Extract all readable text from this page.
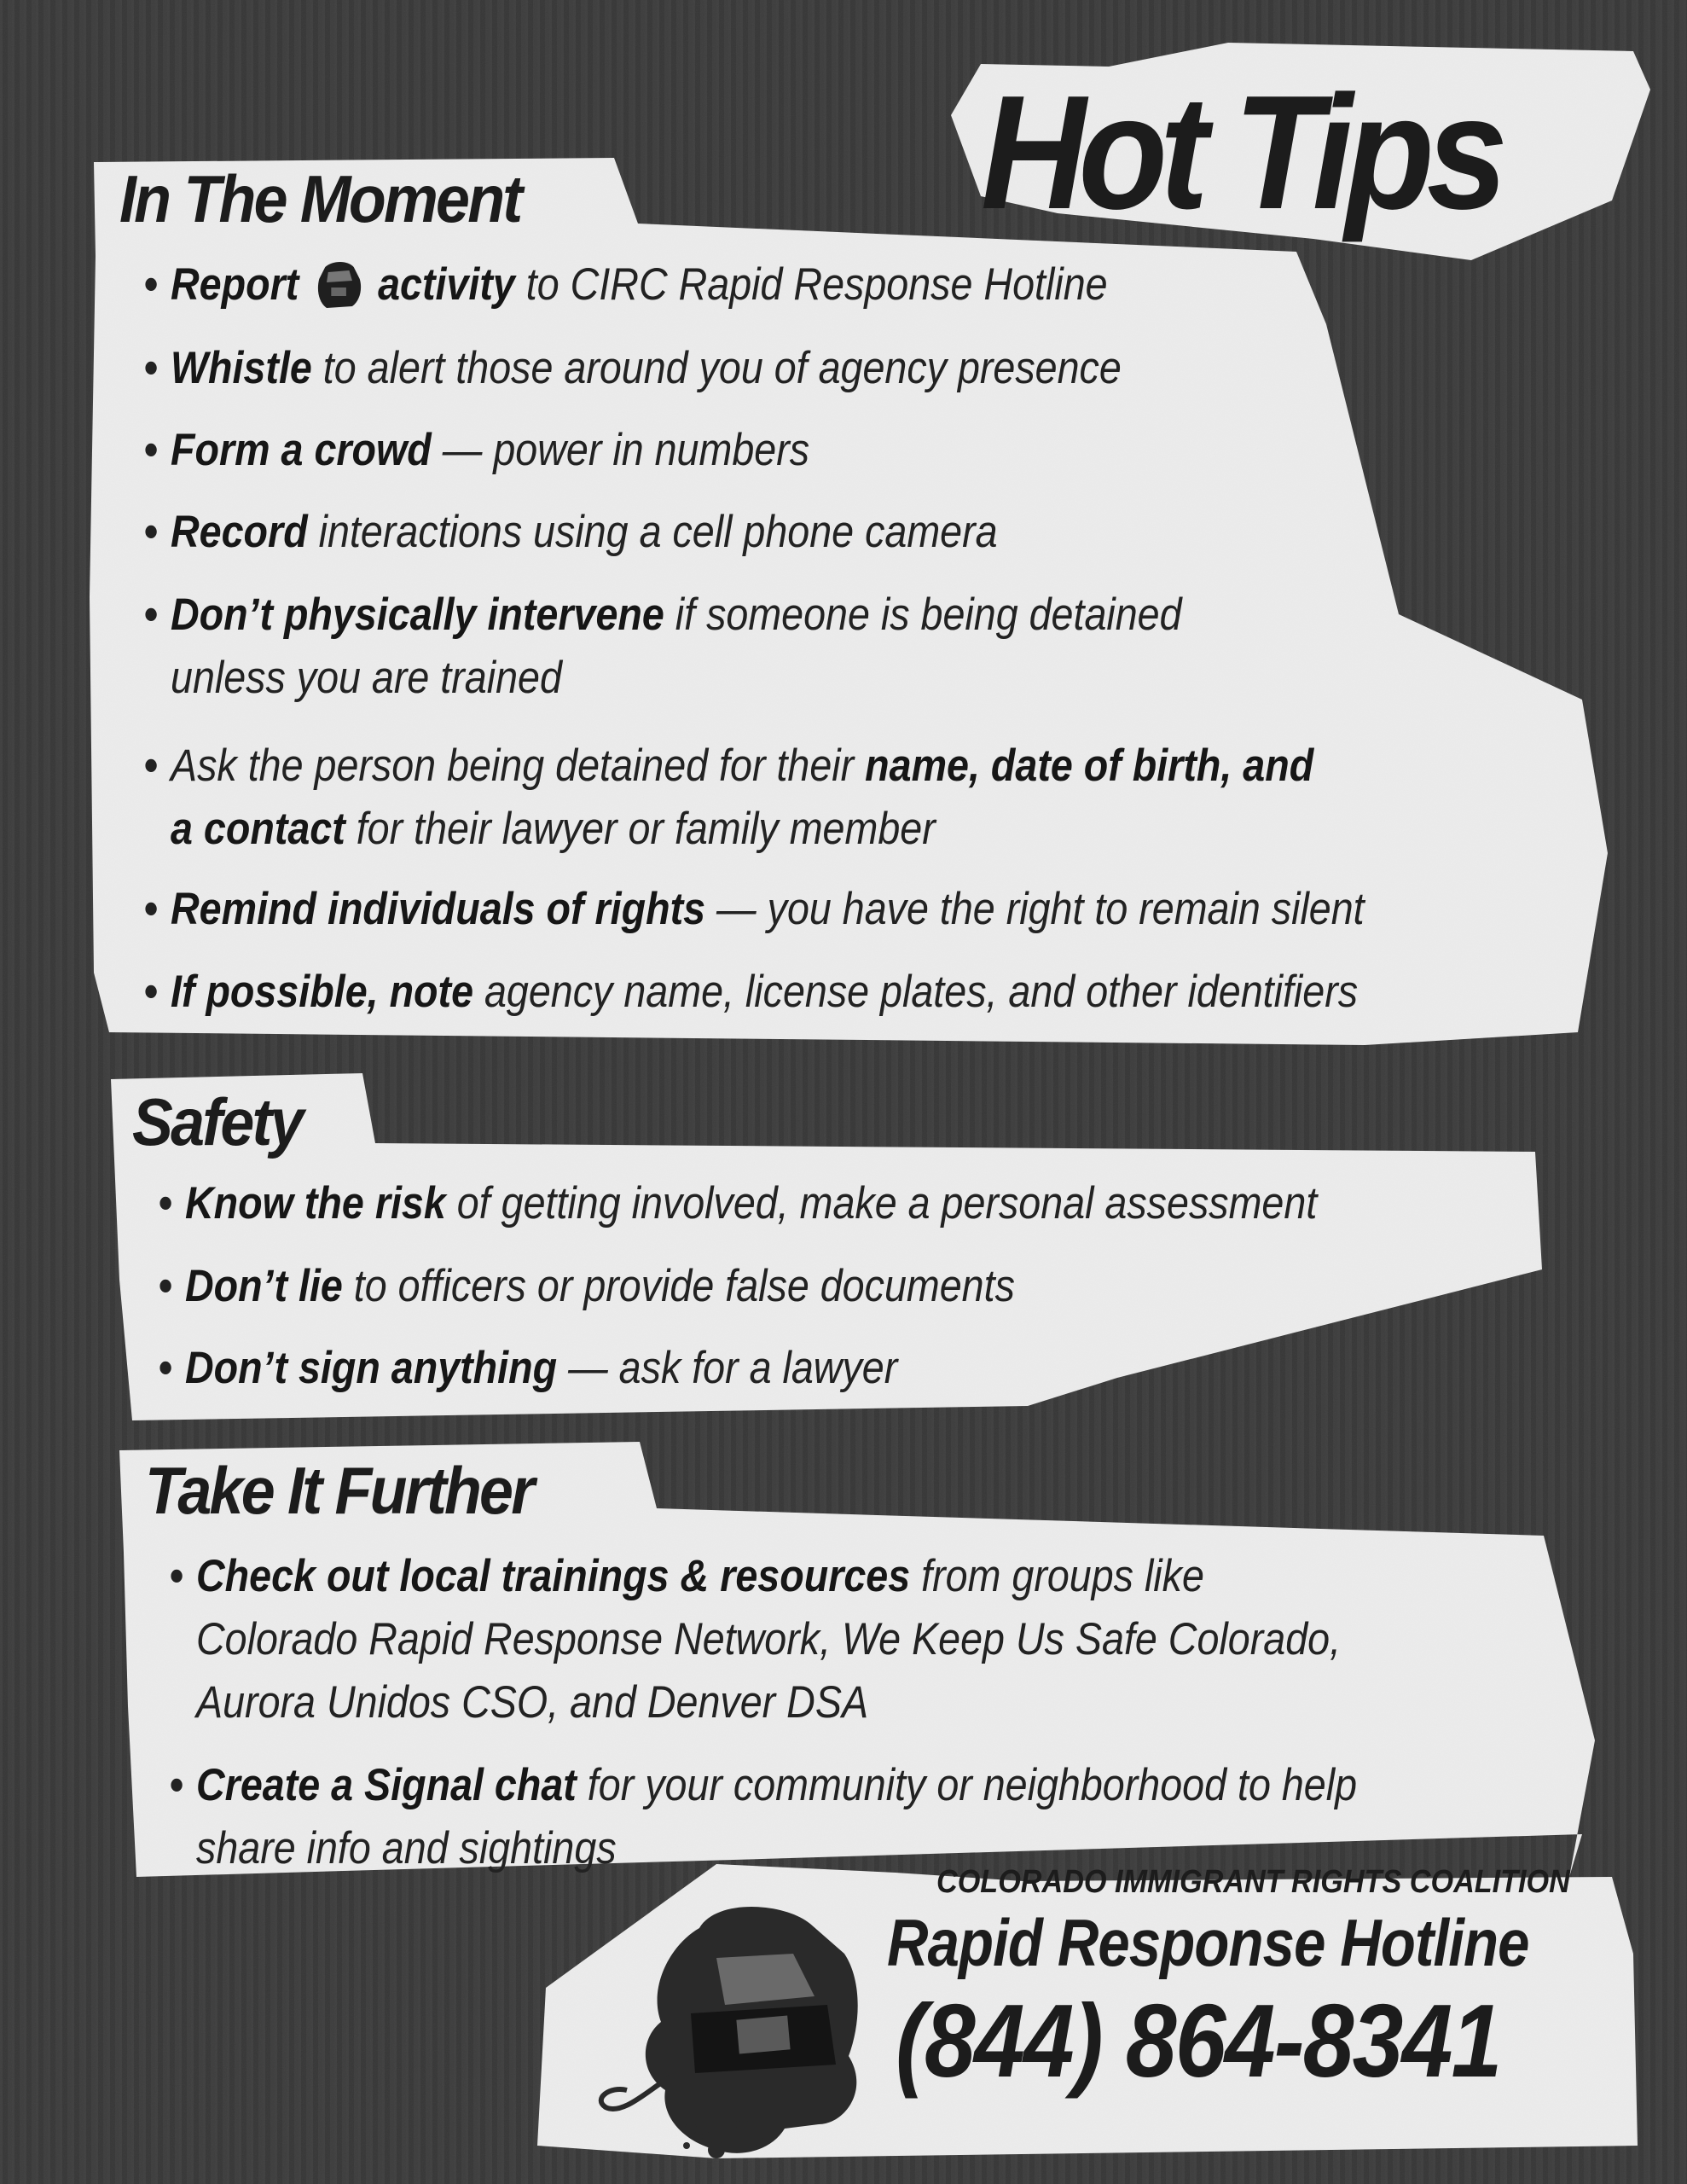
Hot Tips
In The Moment
• Report  activity to CIRC Rapid Response Hotline
• Whistle to alert those around you of agency presence
• Form a crowd — power in numbers
• Record interactions using a cell phone camera
• Don’t physically intervene if someone is being detained
unless you are trained
• Ask the person being detained for their name, date of birth, and
a contact for their lawyer or family member
• Remind individuals of rights — you have the right to remain silent
• If possible, note agency name, license plates, and other identifiers
Safety
• Know the risk of getting involved, make a personal assessment
• Don’t lie to officers or provide false documents
• Don’t sign anything — ask for a lawyer
Take It Further
• Check out local trainings & resources from groups like
Colorado Rapid Response Network, We Keep Us Safe Colorado,
Aurora Unidos CSO, and Denver DSA
• Create a Signal chat for your community or neighborhood to help
share info and sightings
COLORADO IMMIGRANT RIGHTS COALITION
Rapid Response Hotline
(844) 864-8341
